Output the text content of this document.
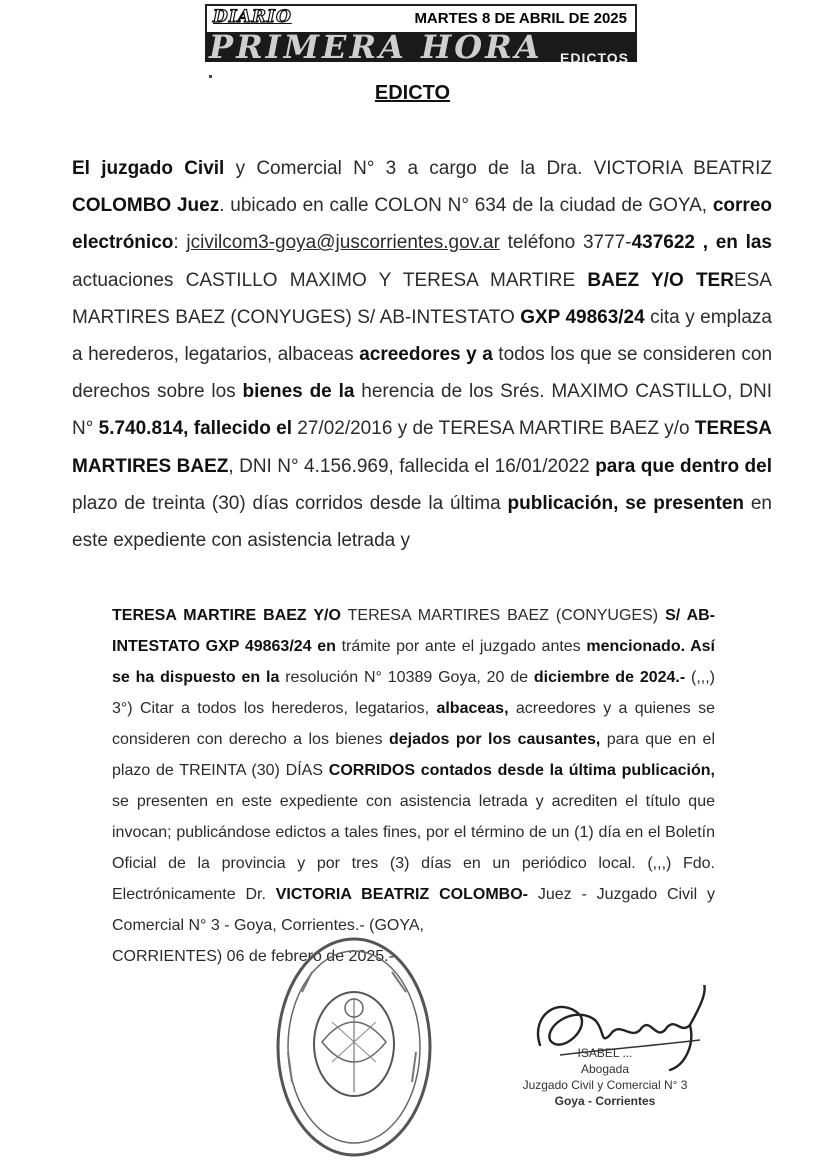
DIARIO	MARTES 8 DE ABRIL DE 2025
PRIMERA HORA EDICTOS
EDICTO
El juzgado Civil y Comercial N° 3 a cargo de la Dra. VICTORIA BEATRIZ COLOMBO Juez. ubicado en calle COLON N° 634 de la ciudad de GOYA, correo electrónico: jcivilcom3-goya@juscorrientes.gov.ar teléfono 3777-437622 , en las actuaciones CASTILLO MAXIMO Y TERESA MARTIRE BAEZ Y/O TERESA MARTIRES BAEZ (CONYUGES) S/ AB-INTESTATO GXP 49863/24 cita y emplaza a herederos, legatarios, albaceas acreedores y a todos los que se consideren con derechos sobre los bienes de la herencia de los Srés. MAXIMO CASTILLO, DNI N° 5.740.814, fallecido el 27/02/2016 y de TERESA MARTIRE BAEZ y/o TERESA MARTIRES BAEZ, DNI N° 4.156.969, fallecida el 16/01/2022 para que dentro del plazo de treinta (30) días corridos desde la última publicación, se presenten en este expediente con asistencia letrada y
TERESA MARTIRE BAEZ Y/O TERESA MARTIRES BAEZ (CONYUGES) S/ AB-INTESTATO GXP 49863/24 en trámite por ante el juzgado antes mencionado. Así se ha dispuesto en la resolución N° 10389 Goya, 20 de diciembre de 2024.- (,,,) 3°) Citar a todos los herederos, legatarios, albaceas, acreedores y a quienes se consideren con derecho a los bienes dejados por los causantes, para que en el plazo de TREINTA (30) DÍAS CORRIDOS contados desde la última publicación, se presenten en este expediente con asistencia letrada y acrediten el título que invocan; publicándose edictos a tales fines, por el término de un (1) día en el Boletín Oficial de la provincia y por tres (3) días en un periódico local. (,,,) Fdo. Electrónicamente Dr. VICTORIA BEATRIZ COLOMBO- Juez - Juzgado Civil y Comercial N° 3 - Goya, Corrientes.- (GOYA,
CORRIENTES) 06 de febrero de 2025.-
ISABEL ...
Abogada
Juzgado Civil y Comercial N° 3
Goya - Corrientes
